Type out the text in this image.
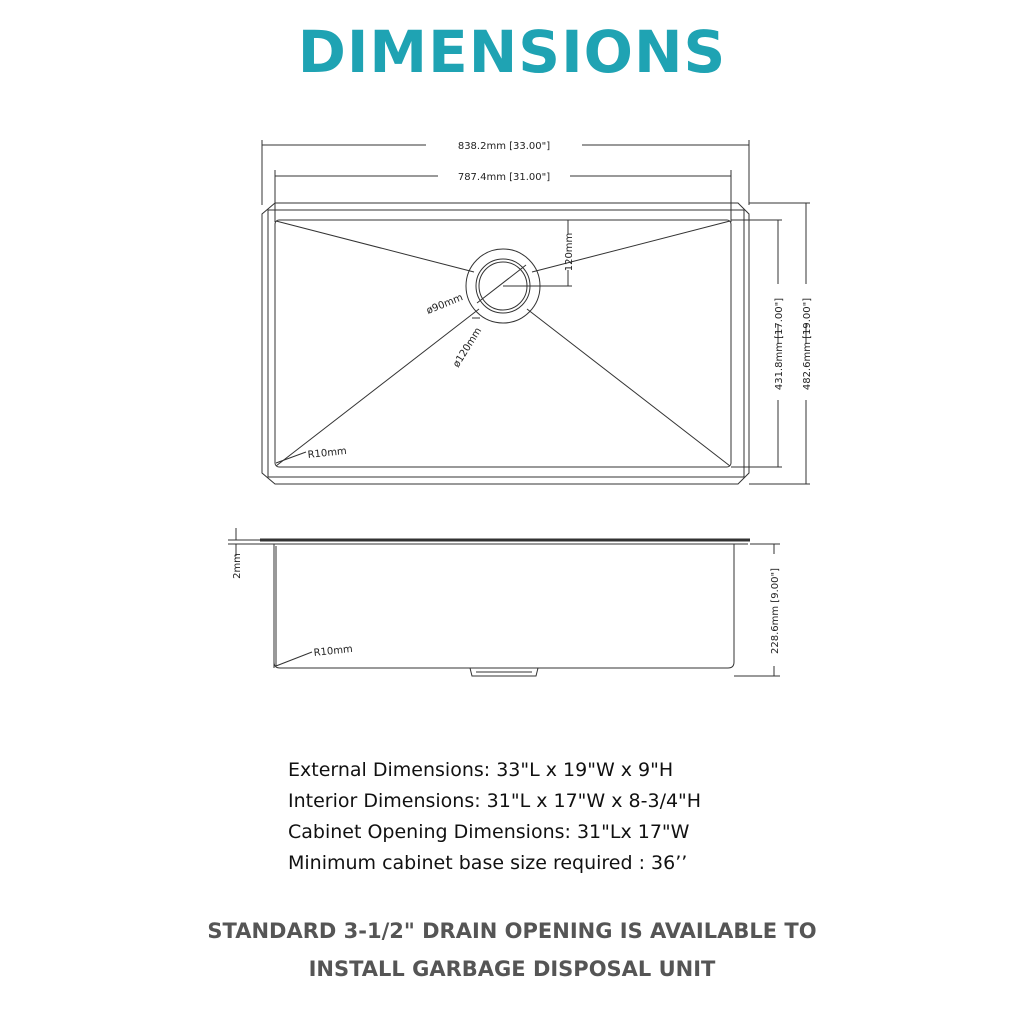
DIMENSIONS
838.2mm [33.00"]
787.4mm [31.00"]
120mm
ø90mm
ø120mm
R10mm
431.8mm [17.00"] 482.6mm [19.00"]
2mm
228.6mm [9.00"]
R10mm
External Dimensions: 33"L x 19"W x 9"H
Interior Dimensions: 31"L x 17"W x 8-3/4"H
Cabinet Opening Dimensions: 31"Lx 17"W
Minimum cabinet base size required : 36’’
STANDARD 3-1/2" DRAIN OPENING IS AVAILABLE TO
INSTALL GARBAGE DISPOSAL UNIT
